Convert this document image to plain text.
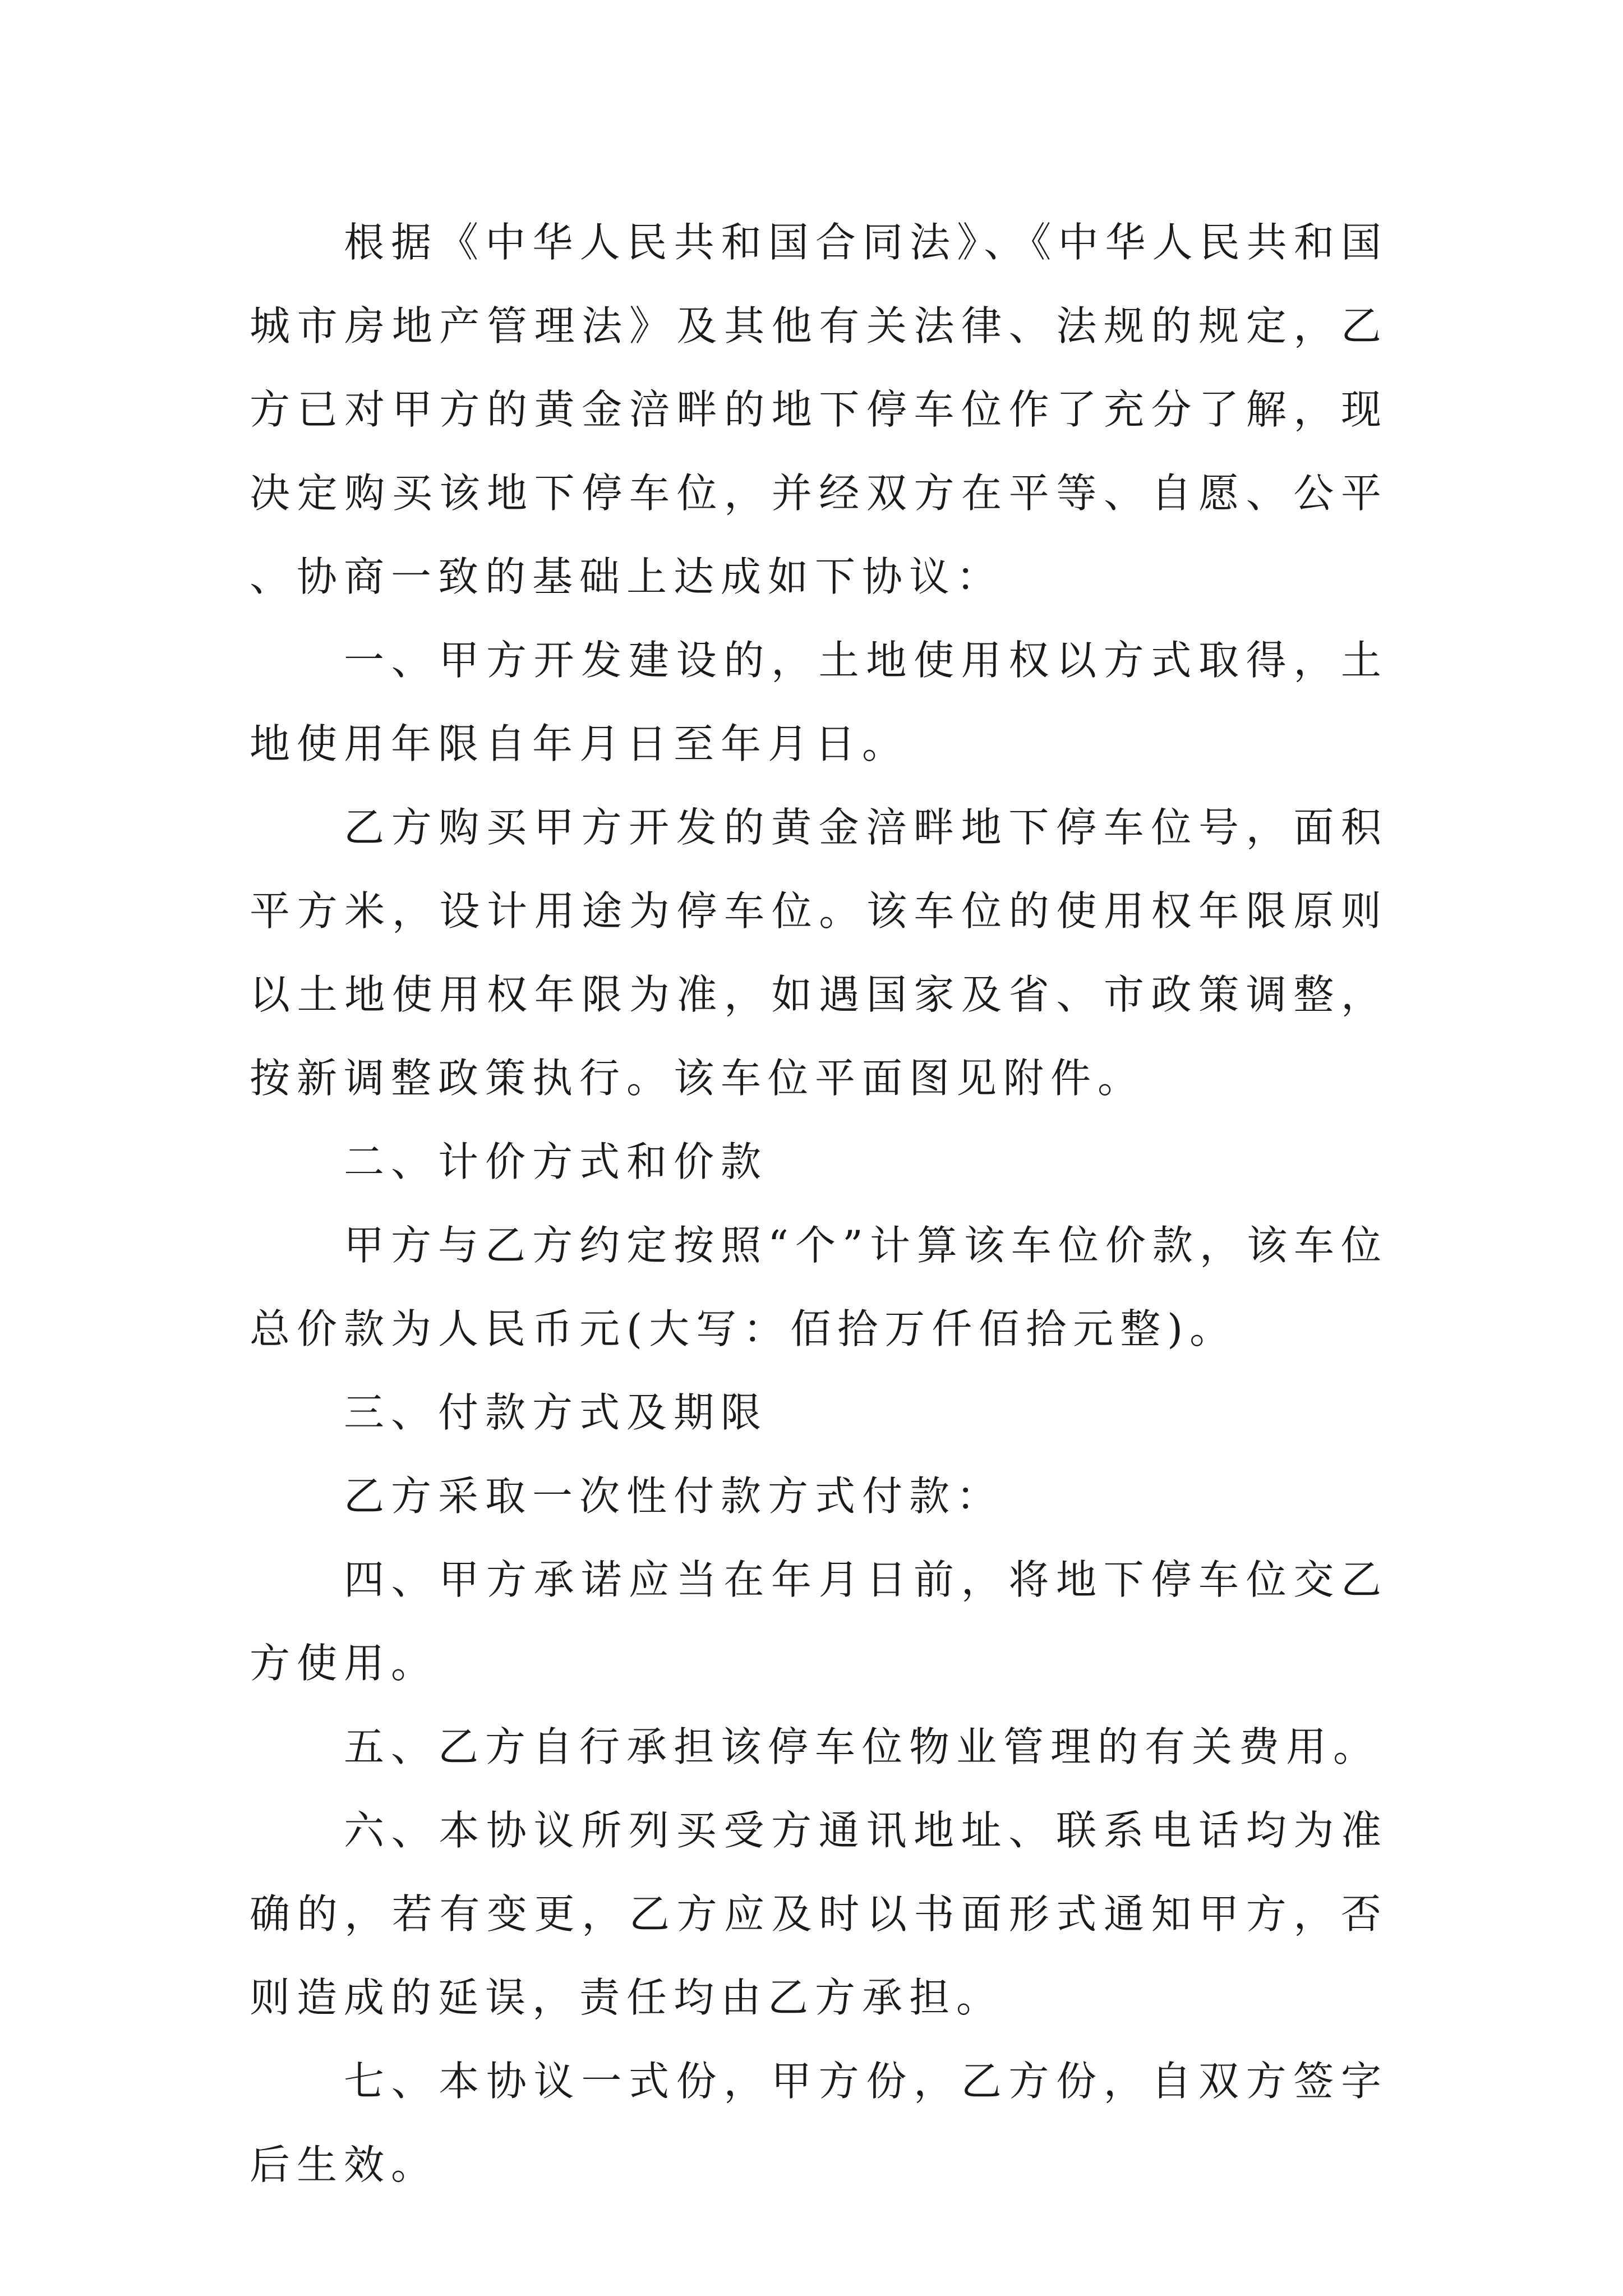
根据《中华人民共和国合同法》、《中华人民共和国城市房地产管理法》及其他有关法律、法规的规定，乙方已对甲方的黄金涪畔的地下停车位作了充分了解，现决定购买该地下停车位，并经双方在平等、自愿、公平、协商一致的基础上达成如下协议：

一、甲方开发建设的，土地使用权以方式取得，土地使用年限自年月日至年月日。

乙方购买甲方开发的黄金涪畔地下停车位号，面积平方米，设计用途为停车位。该车位的使用权年限原则以土地使用权年限为准，如遇国家及省、市政策调整，按新调整政策执行。该车位平面图见附件。

二、计价方式和价款

甲方与乙方约定按照“个”计算该车位价款，该车位总价款为人民币元(大写：佰拾万仟佰拾元整)。

三、付款方式及期限

乙方采取一次性付款方式付款：

四、甲方承诺应当在年月日前，将地下停车位交乙方使用。

五、乙方自行承担该停车位物业管理的有关费用。

六、本协议所列买受方通讯地址、联系电话均为准确的，若有变更，乙方应及时以书面形式通知甲方，否则造成的延误，责任均由乙方承担。

七、本协议一式份，甲方份，乙方份，自双方签字后生效。
